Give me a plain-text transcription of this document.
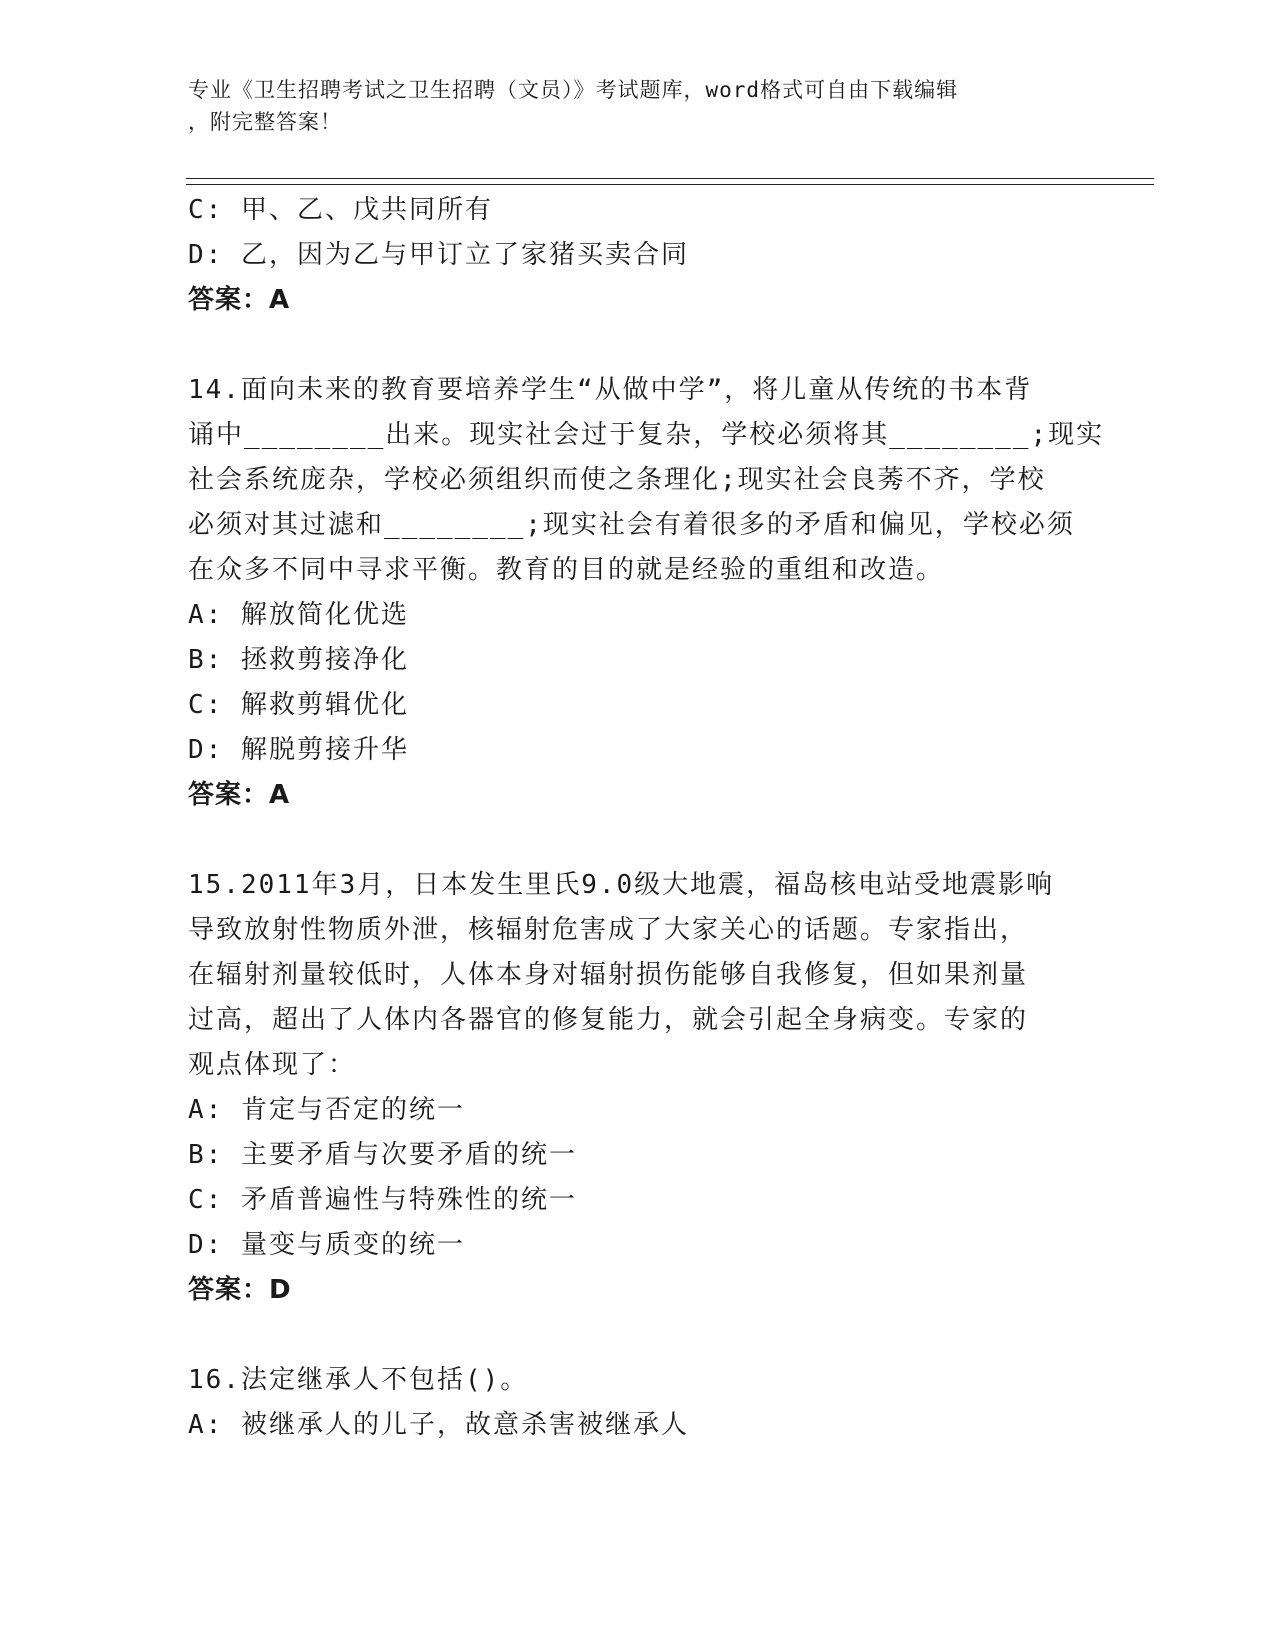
专业《卫生招聘考试之卫生招聘（文员）》考试题库，word格式可自由下载编辑
，附完整答案！
C: 甲、乙、戊共同所有
D: 乙，因为乙与甲订立了家猪买卖合同
答案：A
14.面向未来的教育要培养学生“从做中学”，将儿童从传统的书本背
诵中________出来。现实社会过于复杂，学校必须将其________;现实
社会系统庞杂，学校必须组织而使之条理化;现实社会良莠不齐，学校
必须对其过滤和________;现实社会有着很多的矛盾和偏见，学校必须
在众多不同中寻求平衡。教育的目的就是经验的重组和改造。
A: 解放简化优选
B: 拯救剪接净化
C: 解救剪辑优化
D: 解脱剪接升华
答案：A
15.2011年3月，日本发生里氏9.0级大地震，福岛核电站受地震影响
导致放射性物质外泄，核辐射危害成了大家关心的话题。专家指出，
在辐射剂量较低时，人体本身对辐射损伤能够自我修复，但如果剂量
过高，超出了人体内各器官的修复能力，就会引起全身病变。专家的
观点体现了：
A: 肯定与否定的统一
B: 主要矛盾与次要矛盾的统一
C: 矛盾普遍性与特殊性的统一
D: 量变与质变的统一
答案：D
16.法定继承人不包括()。
A: 被继承人的儿子，故意杀害被继承人
